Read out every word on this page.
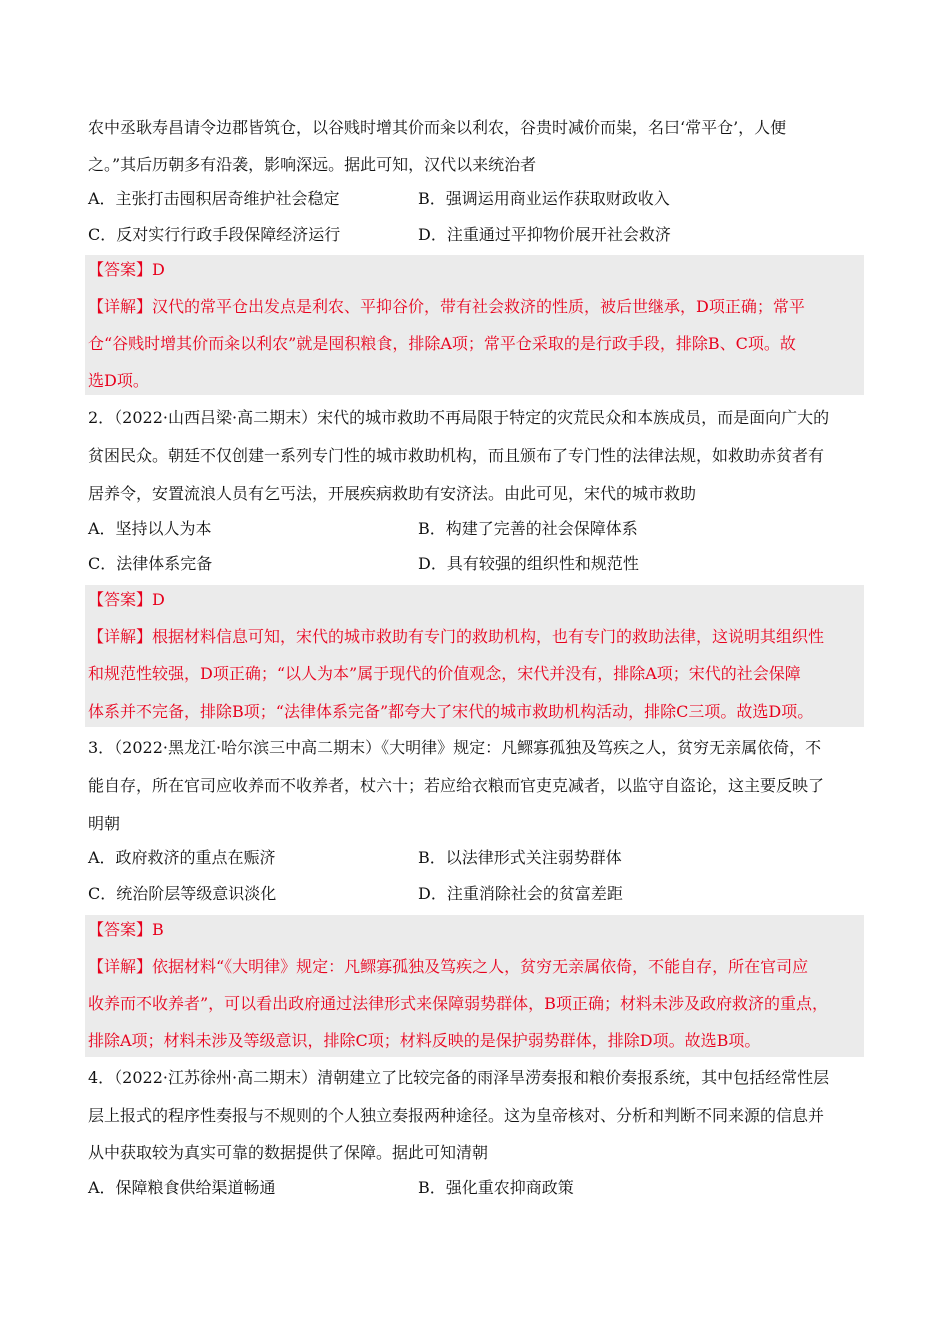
农中丞耿寿昌请令边郡皆筑仓，以谷贱时增其价而籴以利农，谷贵时减价而粜，名曰‘常平仓’，人便
之。”其后历朝多有沿袭，影响深远。据此可知，汉代以来统治者
A．主张打击囤积居奇维护社会稳定	B．强调运用商业运作获取财政收入
C．反对实行行政手段保障经济运行	D．注重通过平抑物价展开社会救济
【答案】D
【详解】汉代的常平仓出发点是利农、平抑谷价，带有社会救济的性质，被后世继承，D项正确；常平
仓“谷贱时增其价而籴以利农”就是囤积粮食，排除A项；常平仓采取的是行政手段，排除B、C项。故
选D项。
2．（2022·山西吕梁·高二期末）宋代的城市救助不再局限于特定的灾荒民众和本族成员，而是面向广大的
贫困民众。朝廷不仅创建一系列专门性的城市救助机构，而且颁布了专门性的法律法规，如救助赤贫者有
居养令，安置流浪人员有乞丐法，开展疾病救助有安济法。由此可见，宋代的城市救助
A．坚持以人为本	B．构建了完善的社会保障体系
C．法律体系完备	D．具有较强的组织性和规范性
【答案】D
【详解】根据材料信息可知，宋代的城市救助有专门的救助机构，也有专门的救助法律，这说明其组织性
和规范性较强，D项正确；“以人为本”属于现代的价值观念，宋代并没有，排除A项；宋代的社会保障
体系并不完备，排除B项；“法律体系完备”都夸大了宋代的城市救助机构活动，排除C三项。故选D项。
3．（2022·黑龙江·哈尔滨三中高二期末）《大明律》规定：凡鳏寡孤独及笃疾之人，贫穷无亲属依倚，不
能自存，所在官司应收养而不收养者，杖六十；若应给衣粮而官吏克减者，以监守自盗论，这主要反映了
明朝
A．政府救济的重点在赈济	B．以法律形式关注弱势群体
C．统治阶层等级意识淡化	D．注重消除社会的贫富差距
【答案】B
【详解】依据材料“《大明律》规定：凡鳏寡孤独及笃疾之人，贫穷无亲属依倚，不能自存，所在官司应
收养而不收养者”，可以看出政府通过法律形式来保障弱势群体，B项正确；材料未涉及政府救济的重点，
排除A项；材料未涉及等级意识，排除C项；材料反映的是保护弱势群体，排除D项。故选B项。
4．（2022·江苏徐州·高二期末）清朝建立了比较完备的雨泽旱涝奏报和粮价奏报系统，其中包括经常性层
层上报式的程序性奏报与不规则的个人独立奏报两种途径。这为皇帝核对、分析和判断不同来源的信息并
从中获取较为真实可靠的数据提供了保障。据此可知清朝
A．保障粮食供给渠道畅通	B．强化重农抑商政策
